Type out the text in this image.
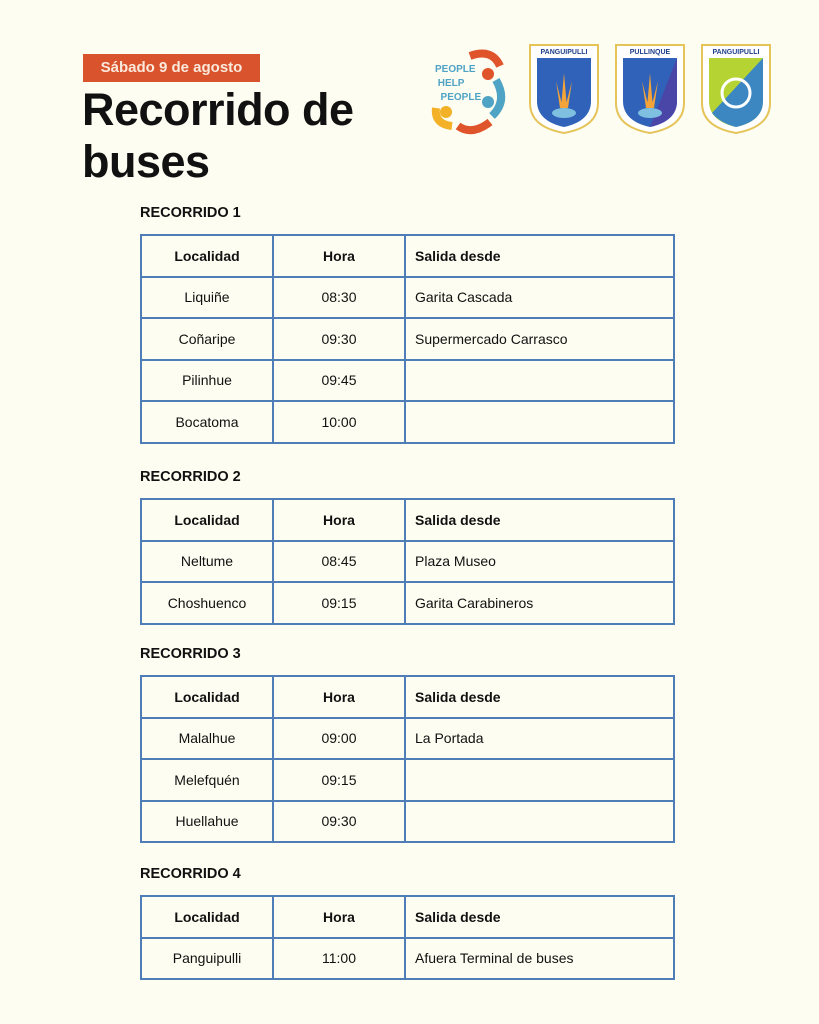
Sábado 9 de agosto
Recorrido de
buses
PEOPLE
HELP
PEOPLE
PANGUIPULLI	PULLINQUE	PANGUIPULLI
RECORRIDO 1
Localidad	Hora	Salida desde
Liquiñe	08:30	Garita Cascada
Coñaripe	09:30	Supermercado Carrasco
Pilinhue	09:45	
Bocatoma	10:00	
RECORRIDO 2
Localidad	Hora	Salida desde
Neltume	08:45	Plaza Museo
Choshuenco	09:15	Garita Carabineros
RECORRIDO 3
Localidad	Hora	Salida desde
Malalhue	09:00	La Portada
Melefquén	09:15	
Huellahue	09:30	
RECORRIDO 4
Localidad	Hora	Salida desde
Panguipulli	11:00	Afuera Terminal de buses
